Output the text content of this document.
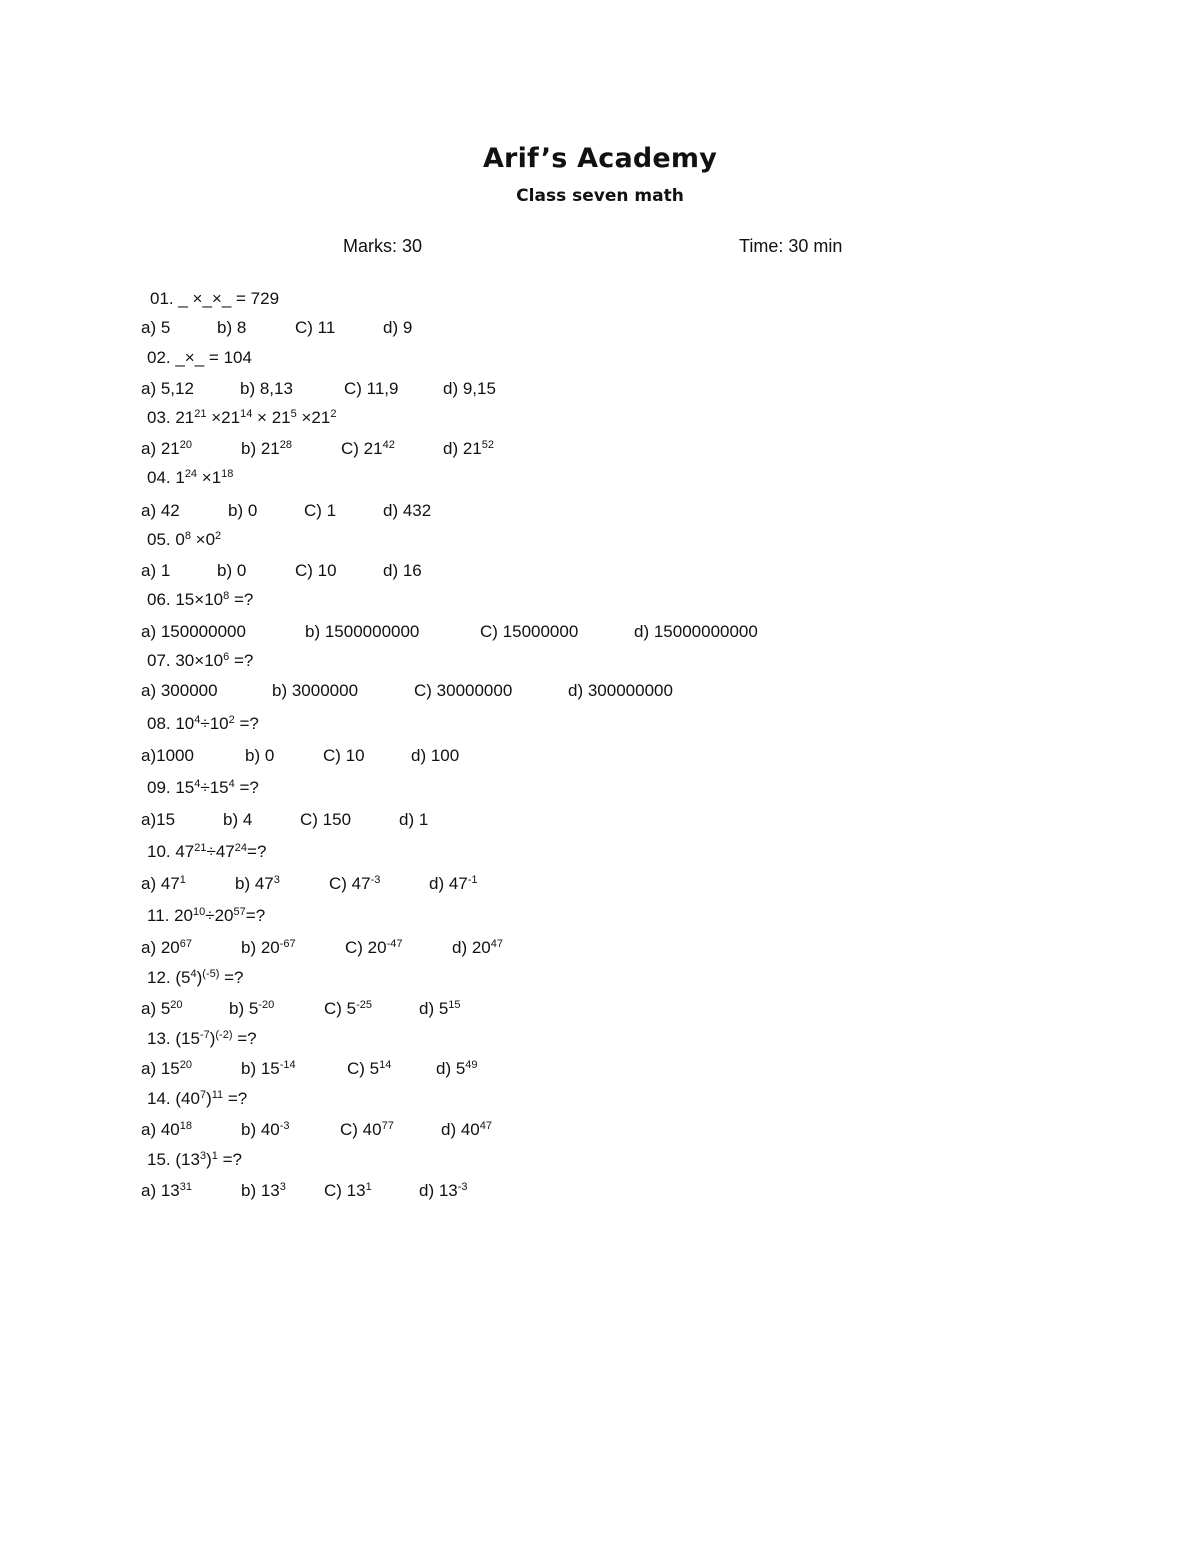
Arif’s Academy
Class seven math
Marks: 30	Time: 30 min
01. _ ×_×_ = 729
a) 5	b) 8	C) 11	d) 9
02. _×_ = 104
a) 5,12	b) 8,13	C) 11,9	d) 9,15
03. $21^{21} \times 21^{14} \times 21^5 \times 21^2$
a) $21^{20}$	b) $21^{28}$	C) $21^{42}$	d) $21^{52}$
04. $1^{24} \times 1^{18}$
a) 42	b) 0	C) 1	d) 432
05. $0^8 \times 0^2$
a) 1	b) 0	C) 10	d) 16
06. $15\times 10^8$ =?
a) 150000000	b) 1500000000	C) 15000000	d) 15000000000
07. $30\times 10^6$ =?
a) 300000	b) 3000000	C) 30000000	d) 300000000
08. $10^4\div 10^2$ =?
a)1000	b) 0	C) 10	d) 100
09. $15^4\div 15^4$ =?
a)15	b) 4	C) 150	d) 1
10. $47^{21}\div 47^{24}=$?
a) $47^1$	b) $47^3$	C) $47^{-3}$	d) $47^{-1}$
11. $20^{10}\div 20^{57}=$?
a) $20^{67}$	b) $20^{-67}$	C) $20^{-47}$	d) $20^{47}$
12. $(5^4)^{(-5)}$ =?
a) $5^{20}$	b) $5^{-20}$	C) $5^{-25}$	d) $5^{15}$
13. $(15^{-7})^{(-2)}$ =?
a) $15^{20}$	b) $15^{-14}$	C) $5^{14}$	d) $5^{49}$
14. $(40^7)^{11}$ =?
a) $40^{18}$	b) $40^{-3}$	C) $40^{77}$	d) $40^{47}$
15. $(13^3)^1$ =?
a) $13^{31}$	b) $13^3$ C) $13^1$	d) $13^{-3}$
